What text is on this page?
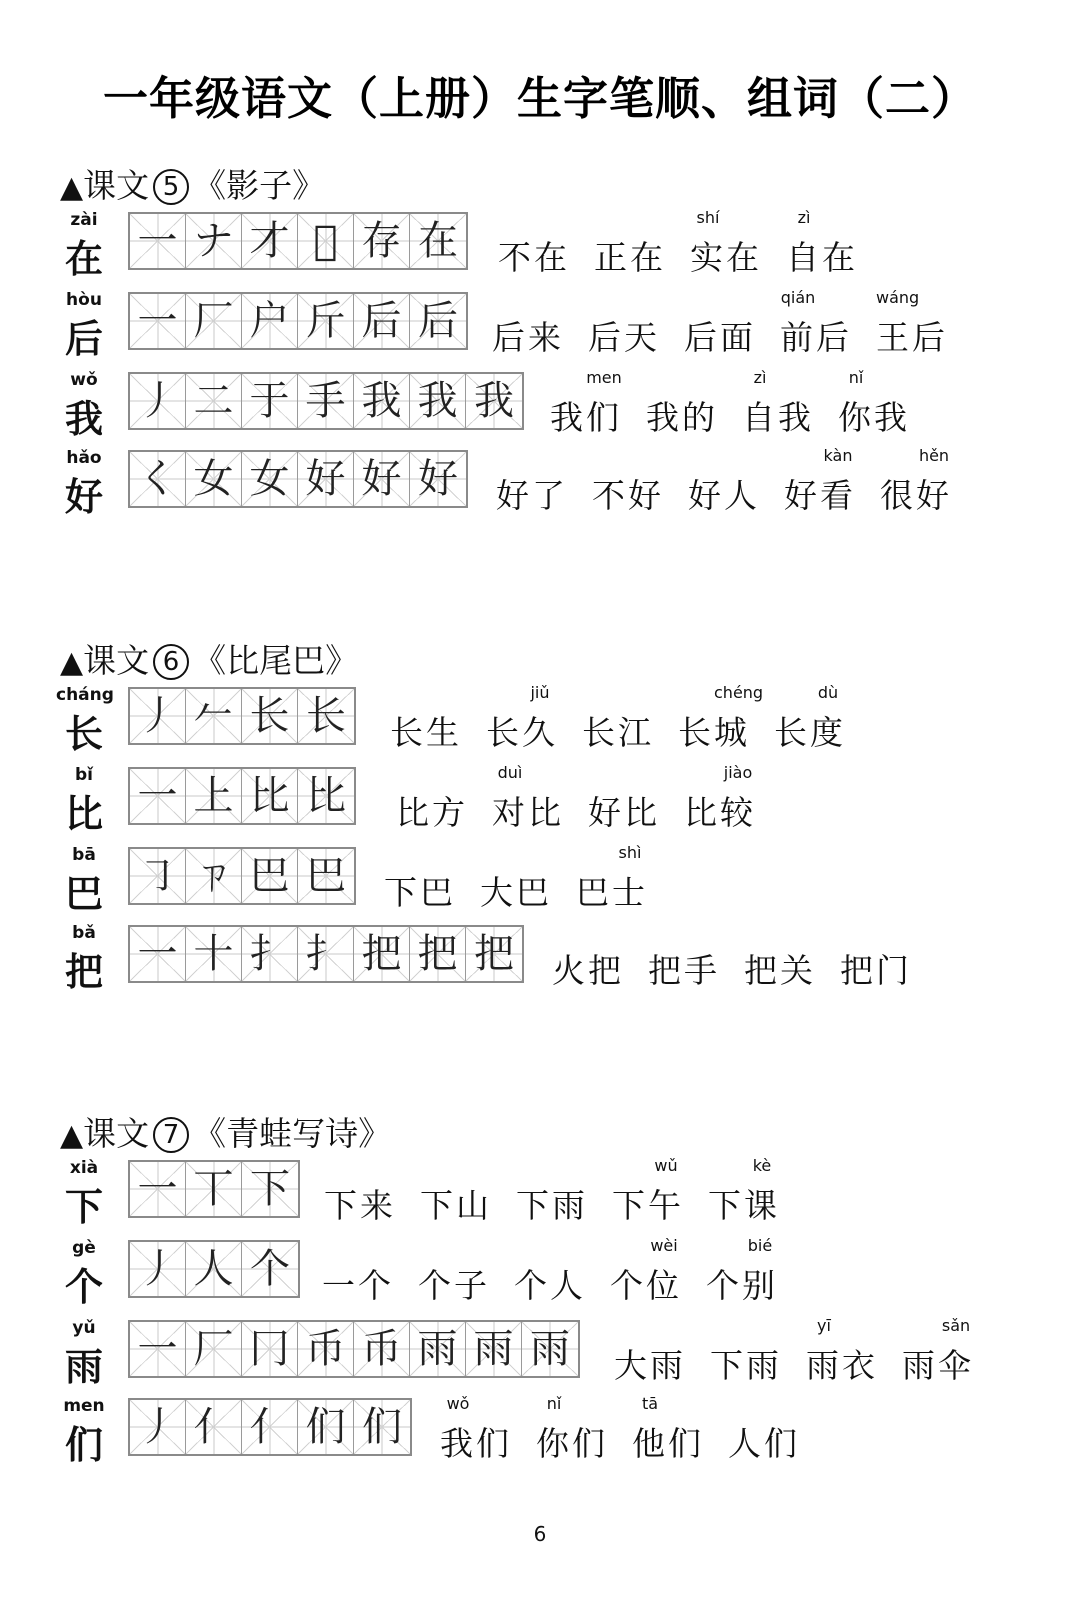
一年级语文（上册）生字笔顺、组词（二）
▲课文 5 《影子》
zài
在 一 ナ 才 𡉈 存 在 不在 正在
shí
实在
zì
自在
hòu
后 一 厂 户 斤 后 后 后来 后天 后面
qián
前后
wáng
王后
wǒ
我 丿 二 于 手 我 我 我
men
我们 我的
zì
自我
nǐ
你我
hǎo
好 く 女 女 好 好 好 好了 不好 好人
kàn
好看
hěn
很好
▲课文 6 《比尾巴》
cháng
长 丿 𠂉 长 长 长生
jiǔ
长久 长江
chéng
长城
dù
长度
bǐ
比 一 上 比 比 比方
duì
对比 好比
jiào
比较
bā
巴 ㇆ ㄗ 巴 巴 下巴 大巴
shì
巴士
bǎ
把 一 十 扌 扌 把 把 把 火把 把手 把关 把门
▲课文 7 《青蛙写诗》
xià
下 一 丅 下 下来 下山 下雨
wǔ
下午
kè
下课
gè
个 丿 人 个 一个 个子 个人
wèi
个位
bié
个别
yǔ
雨 一 厂 冂 币 币 雨 雨 雨 大雨 下雨
yī
雨衣
sǎn
雨伞
men
们 丿 亻 亻 们 们
wǒ
我们
nǐ
你们
tā
他们 人们
6
